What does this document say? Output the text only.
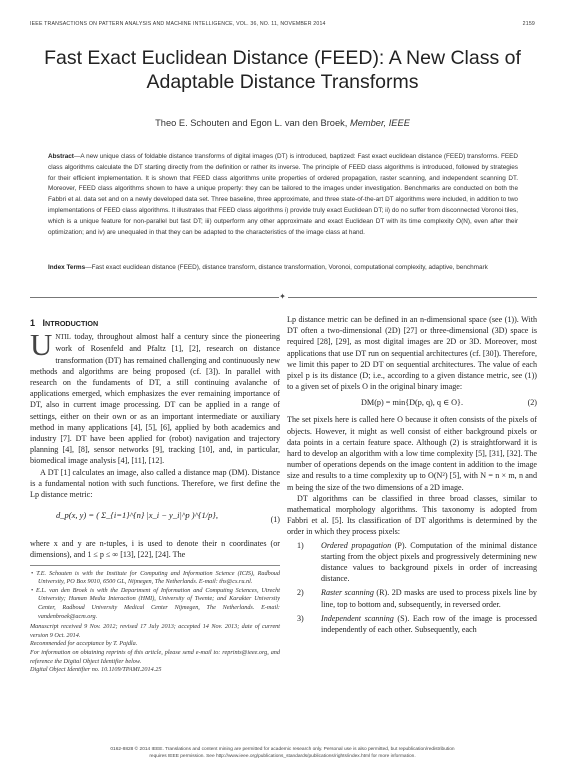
IEEE TRANSACTIONS ON PATTERN ANALYSIS AND MACHINE INTELLIGENCE, VOL. 36, NO. 11, NOVEMBER 2014	2159
Fast Exact Euclidean Distance (FEED): A New Class of Adaptable Distance Transforms
Theo E. Schouten and Egon L. van den Broek, Member, IEEE
Abstract—A new unique class of foldable distance transforms of digital images (DT) is introduced, baptized: Fast exact euclidean distance (FEED) transforms. FEED class algorithms calculate the DT starting directly from the definition or rather its inverse. The principle of FEED class algorithms is introduced, followed by strategies for their efficient implementation. It is shown that FEED class algorithms unite properties of ordered propagation, raster scanning, and independent scanning DT. Moreover, FEED class algorithms shown to have a unique property: they can be tailored to the images under investigation. Benchmarks are conducted on both the Fabbri et al. data set and on a newly developed data set. Three baseline, three approximate, and three state-of-the-art DT algorithms were included, in addition to two implementations of FEED class algorithms. It illustrates that FEED class algorithms i) provide truly exact Euclidean DT; ii) do no suffer from disconnected Voronoi tiles, which is a unique feature for non-parallel but fast DT; iii) outperform any other approximate and exact Euclidean DT with its time complexity O(N), even after their optimization; and iv) are unequaled in that they can be adapted to the characteristics of the image class at hand.
Index Terms—Fast exact euclidean distance (FEED), distance transform, distance transformation, Voronoi, computational complexity, adaptive, benchmark
✦
1 INTRODUCTION

UNTIL today, throughout almost half a century since the pioneering work of Rosenfeld and Pfaltz [1], [2], research on distance transformation (DT) has remained challenging and continuously new methods and algorithms are being proposed (cf. [3]). In parallel with research on the fundaments of DT, a still continuing avalanche of applications emerged, which emphasizes the ever remaining importance of DT, also in current image processing. DT can be applied in a range of settings, either on their own or as an important intermediate or auxiliary method in many applications [4], [5], [6], applied by both academics and industry [7]. DT have been applied for (robot) navigation and trajectory planning [4], [8], sensor networks [9], tracking [10], and, in particular, biomedical image analysis [4], [11], [12].

A DT [1] calculates an image, also called a distance map (DM). Distance is a fundamental notion with such functions. Therefore, we first define the Lp distance metric:

d_p(x, y) = ( Σ_{i=1}^{n} |x_i − y_i|^p )^{1/p},	(1)

where x and y are n-tuples, i is used to denote their n coordinates (or dimensions), and 1 ≤ p ≤ ∞ [13], [22], [24]. The

• T.E. Schouten is with the Institute for Computing and Information Science (ICIS), Radboud University, PO Box 9010, 6500 GL, Nijmegen, The Netherlands. E-mail: ths@cs.ru.nl.

• E.L. van den Broek is with the Department of Information and Computing Sciences, Utrecht University; Human Media Interaction (HMI), University of Twente; and Karakter University Center, Radboud University Medical Center Nijmegen, The Netherlands. E-mail: vandenbroek@acm.org.

Manuscript received 9 Nov. 2012; revised 17 July 2013; accepted 14 Nov. 2013; date of current version 9 Oct. 2014.

Recommended for acceptance by T. Pajdla.

For information on obtaining reprints of this article, please send e-mail to: reprints@ieee.org, and reference the Digital Object Identifier below.

Digital Object Identifier no. 10.1109/TPAMI.2014.25

Lp distance metric can be defined in an n-dimensional space (see (1)). With DT often a two-dimensional (2D) [27] or three-dimensional (3D) space is required [28], [29], as most digital images are 2D or 3D. Moreover, most applications that use DT run on sequential architectures (cf. [30]). Therefore, we limit this paper to 2D DT on sequential architectures. The value of each pixel p is its distance (D; i.e., according to a given distance metric, see (1)) to a given set of pixels O in the original binary image:

DM(p) = min{D(p, q), q ∈ O}.	(2)

The set pixels here is called here O because it often consists of the pixels of objects. However, it might as well consist of either background pixels or data points in a certain feature space. Although (2) is straightforward it is hard to develop an algorithm with a low time complexity [5], [31], [32]. The number of operations depends on the image content in addition to the image size and results to a time complexity up to O(N²) [5], with N = n × m, n and m being the size of the two dimensions of a 2D image.

DT algorithms can be classified in three broad classes, similar to mathematical morphology algorithms. This taxonomy is adopted from Fabbri et al. [5]. Its classification of DT algorithms is determined by the order in which they process pixels:

1) Ordered propagation (P). Computation of the minimal distance starting from the object pixels and progressively determining new distance values to background pixels in order of increasing distance.
2) Raster scanning (R). 2D masks are used to process pixels line by line, top to bottom and, subsequently, in reversed order.
3) Independent scanning (S). Each row of the image is processed independently of each other. Subsequently, each
0162-8828 © 2014 IEEE. Translations and content mining are permitted for academic research only. Personal use is also permitted, but republication/redistribution
requires IEEE permission. See http://www.ieee.org/publications_standards/publications/rights/index.html for more information.
